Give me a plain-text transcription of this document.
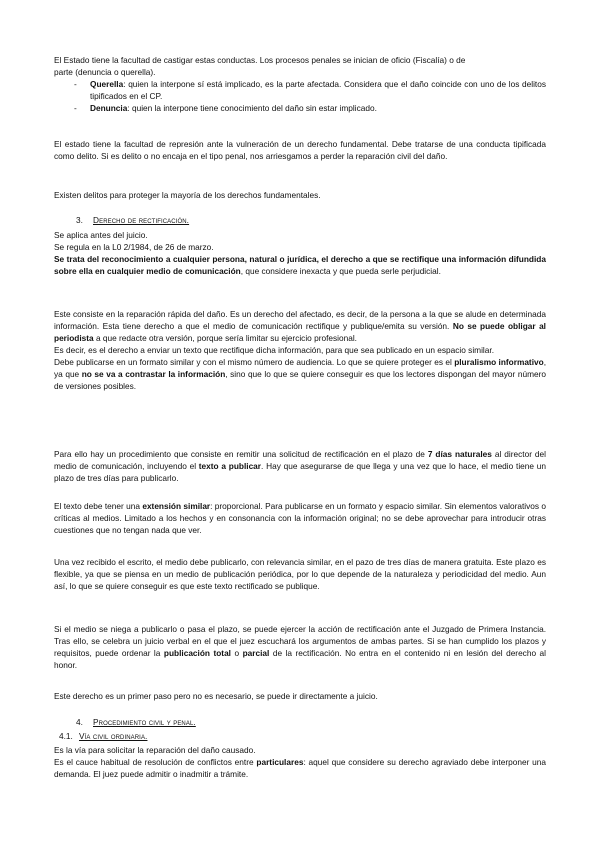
El Estado tiene la facultad de castigar estas conductas. Los procesos penales se inician de oficio (Fiscalía) o de

parte (denuncia o querella).

- Querella: quien la interpone sí está implicado, es la parte afectada. Considera que el daño coincide con uno de los delitos tipificados en el CP.

- Denuncia: quien la interpone tiene conocimiento del daño sin estar implicado.

El estado tiene la facultad de represión ante la vulneración de un derecho fundamental. Debe tratarse de una conducta tipificada como delito. Si es delito o no encaja en el tipo penal, nos arriesgamos a perder la reparación civil del daño.

Existen delitos para proteger la mayoría de los derechos fundamentales.

3. Derecho de rectificación.

Se aplica antes del juicio.

Se regula en la L0 2/1984, de 26 de marzo.

Se trata del reconocimiento a cualquier persona, natural o jurídica, el derecho a que se rectifique una información difundida sobre ella en cualquier medio de comunicación, que considere inexacta y que pueda serle perjudicial.

Este consiste en la reparación rápida del daño. Es un derecho del afectado, es decir, de la persona a la que se alude en determinada información. Esta tiene derecho a que el medio de comunicación rectifique y publique/emita su versión. No se puede obligar al periodista a que redacte otra versión, porque sería limitar su ejercicio profesional.

Es decir, es el derecho a enviar un texto que rectifique dicha información, para que sea publicado en un espacio similar.

Debe publicarse en un formato similar y con el mismo número de audiencia. Lo que se quiere proteger es el pluralismo informativo, ya que no se va a contrastar la información, sino que lo que se quiere conseguir es que los lectores dispongan del mayor número de versiones posibles.

Para ello hay un procedimiento que consiste en remitir una solicitud de rectificación en el plazo de 7 días naturales al director del medio de comunicación, incluyendo el texto a publicar. Hay que asegurarse de que llega y una vez que lo hace, el medio tiene un plazo de tres días para publicarlo.

El texto debe tener una extensión similar: proporcional. Para publicarse en un formato y espacio similar. Sin elementos valorativos o críticas al medios. Limitado a los hechos y en consonancia con la información original; no se debe aprovechar para introducir otras cuestiones que no tengan nada que ver.

Una vez recibido el escrito, el medio debe publicarlo, con relevancia similar, en el pazo de tres días de manera gratuita. Este plazo es flexible, ya que se piensa en un medio de publicación periódica, por lo que depende de la naturaleza y periodicidad del medio. Aun así, lo que se quiere conseguir es que este texto rectificado se publique.

Si el medio se niega a publicarlo o pasa el plazo, se puede ejercer la acción de rectificación ante el Juzgado de Primera Instancia. Tras ello, se celebra un juicio verbal en el que el juez escuchará los argumentos de ambas partes. Si se han cumplido los plazos y requisitos, puede ordenar la publicación total o parcial de la rectificación. No entra en el contenido ni en lesión del derecho al honor.

Este derecho es un primer paso pero no es necesario, se puede ir directamente a juicio.

4. Procedimiento civil y penal.
4.1. Vía civil ordinaria.

Es la vía para solicitar la reparación del daño causado.

Es el cauce habitual de resolución de conflictos entre particulares: aquel que considere su derecho agraviado debe interponer una demanda. El juez puede admitir o inadmitir a trámite.
